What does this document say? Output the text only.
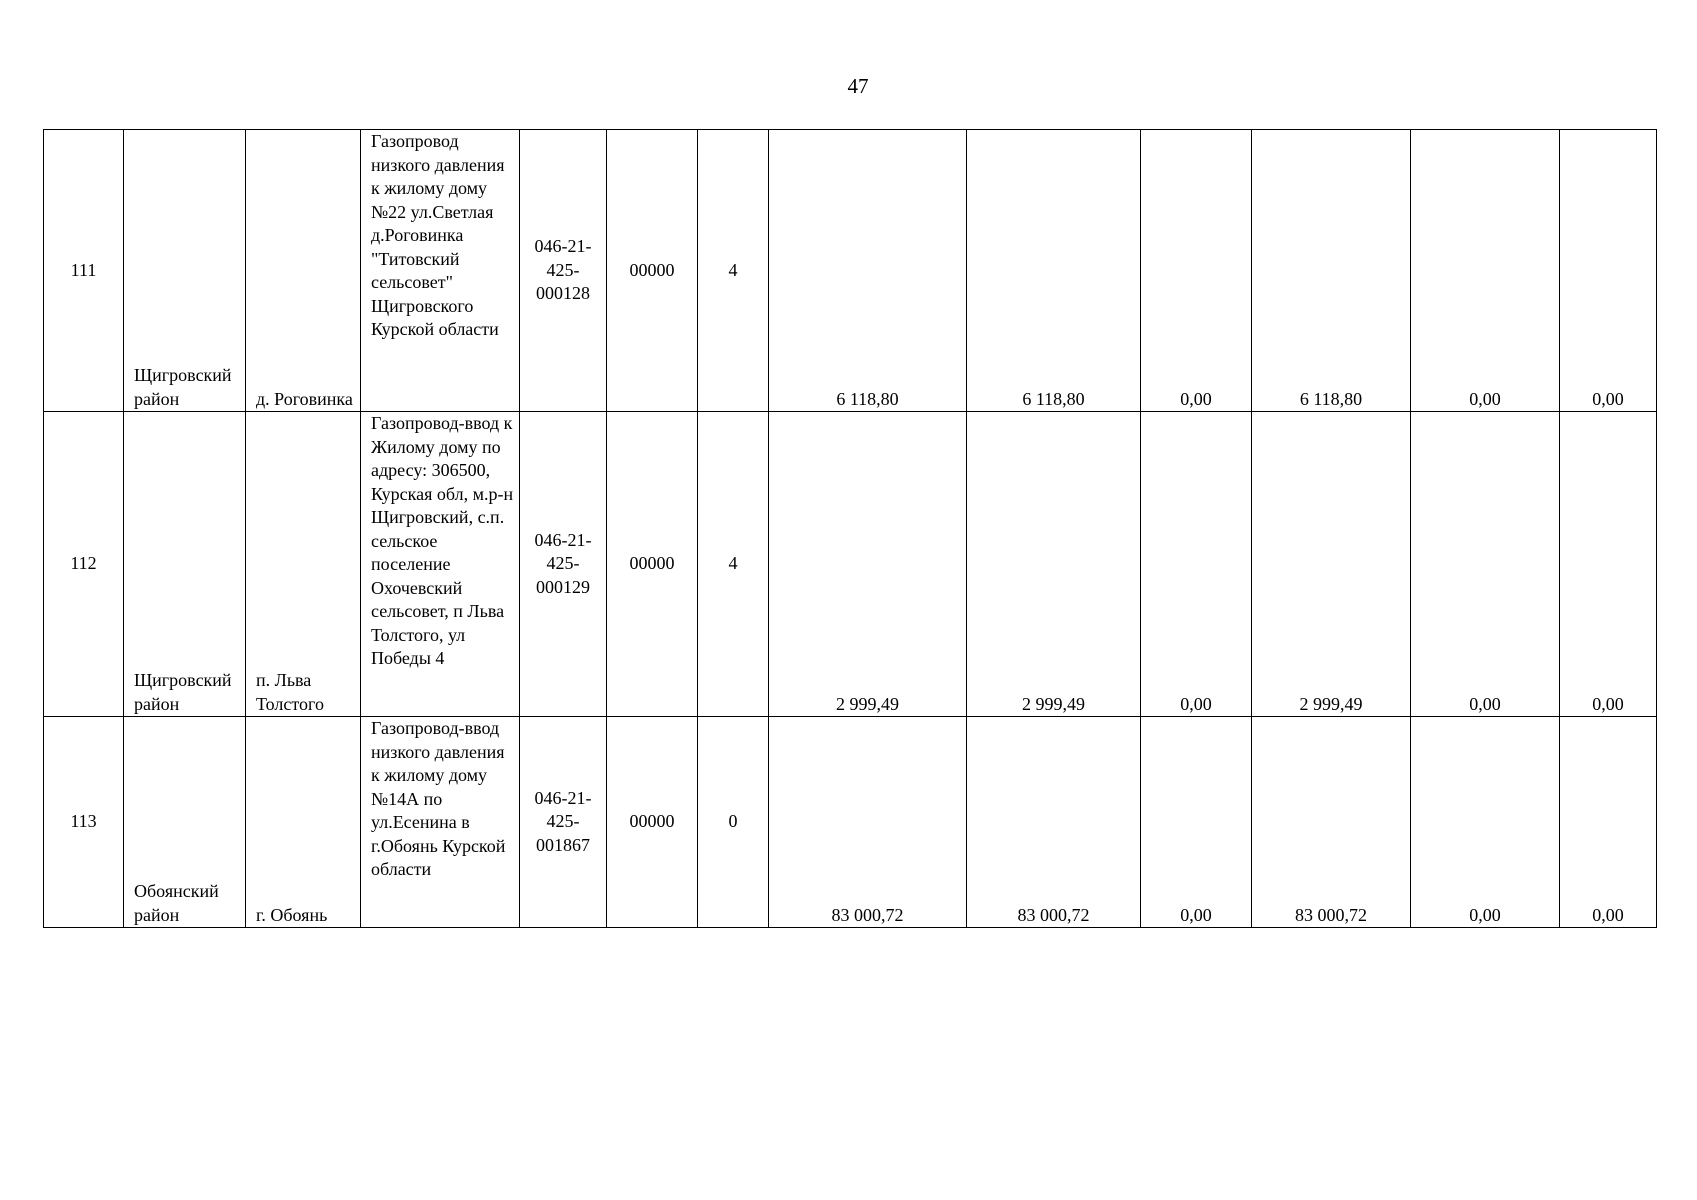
47
111	Щигровский район	д. Роговинка	Газопровод низкого давления к жилому дому №22 ул.Светлая д.Роговинка "Титовский сельсовет" Щигровского Курской области	046-21-425-000128	00000	4	6 118,80	6 118,80	0,00	6 118,80	0,00	0,00
112	Щигровский район	п. Льва Толстого	Газопровод-ввод к Жилому дому по адресу: 306500, Курская обл, м.р-н Щигровский, с.п. сельское поселение Охочевский сельсовет, п Льва Толстого, ул Победы 4	046-21-425-000129	00000	4	2 999,49	2 999,49	0,00	2 999,49	0,00	0,00
113	Обоянский район	г. Обоянь	Газопровод-ввод низкого давления к жилому дому №14А по ул.Есенина в г.Обоянь Курской области	046-21-425-001867	00000	0	83 000,72	83 000,72	0,00	83 000,72	0,00	0,00
